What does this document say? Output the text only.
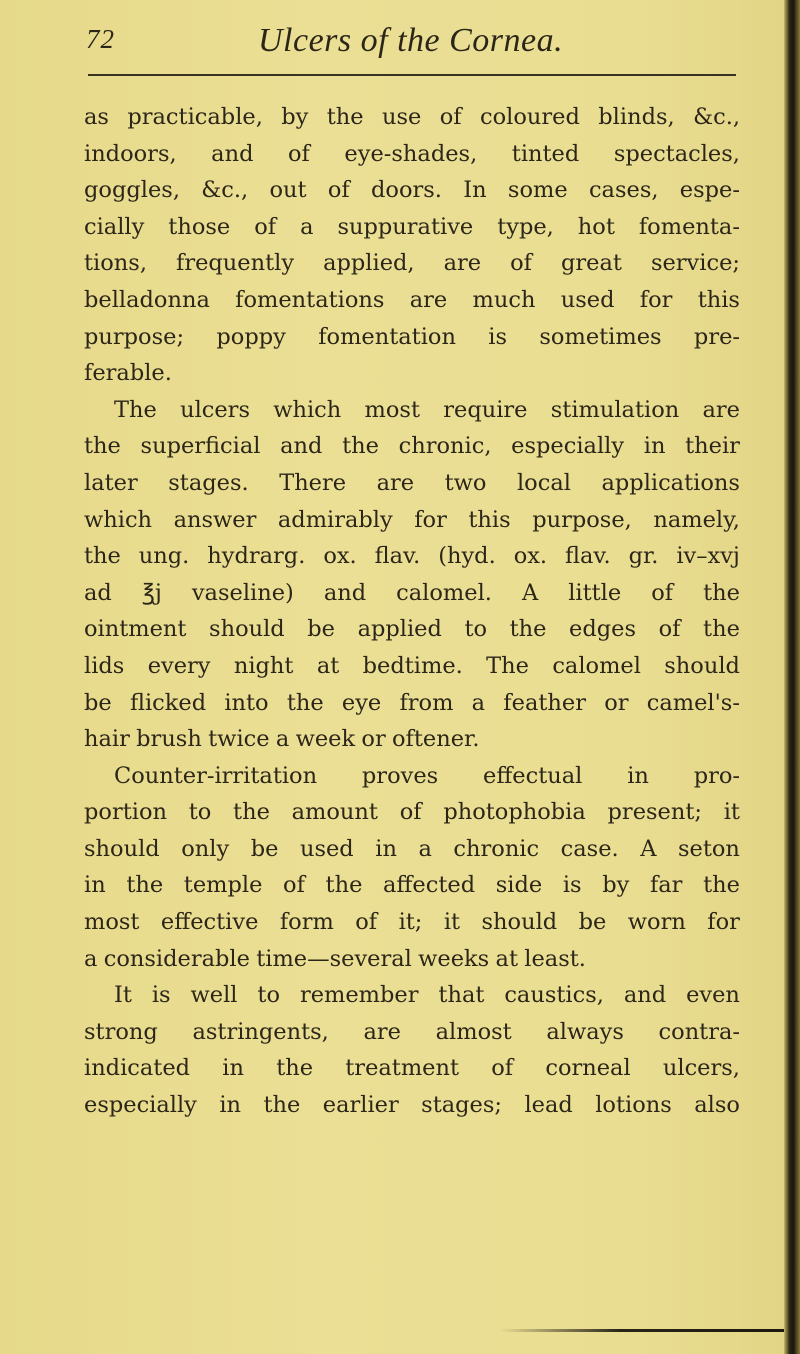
72	Ulcers of the Cornea.
as practicable, by the use of coloured blinds, &c.,
indoors, and of eye-shades, tinted spectacles,
goggles, &c., out of doors. In some cases, espe-
cially those of a suppurative type, hot fomenta-
tions, frequently applied, are of great service;
belladonna fomentations are much used for this
purpose; poppy fomentation is sometimes pre-
ferable.
The ulcers which most require stimulation are
the superficial and the chronic, especially in their
later stages. There are two local applications
which answer admirably for this purpose, namely,
the ung. hydrarg. ox. flav. (hyd. ox. flav. gr. iv–xvj
ad ℥j vaseline) and calomel. A little of the
ointment should be applied to the edges of the
lids every night at bedtime. The calomel should
be flicked into the eye from a feather or camel's-
hair brush twice a week or oftener.
Counter-irritation proves effectual in pro-
portion to the amount of photophobia present; it
should only be used in a chronic case. A seton
in the temple of the affected side is by far the
most effective form of it; it should be worn for
a considerable time—several weeks at least.
It is well to remember that caustics, and even
strong astringents, are almost always contra-
indicated in the treatment of corneal ulcers,
especially in the earlier stages; lead lotions also
